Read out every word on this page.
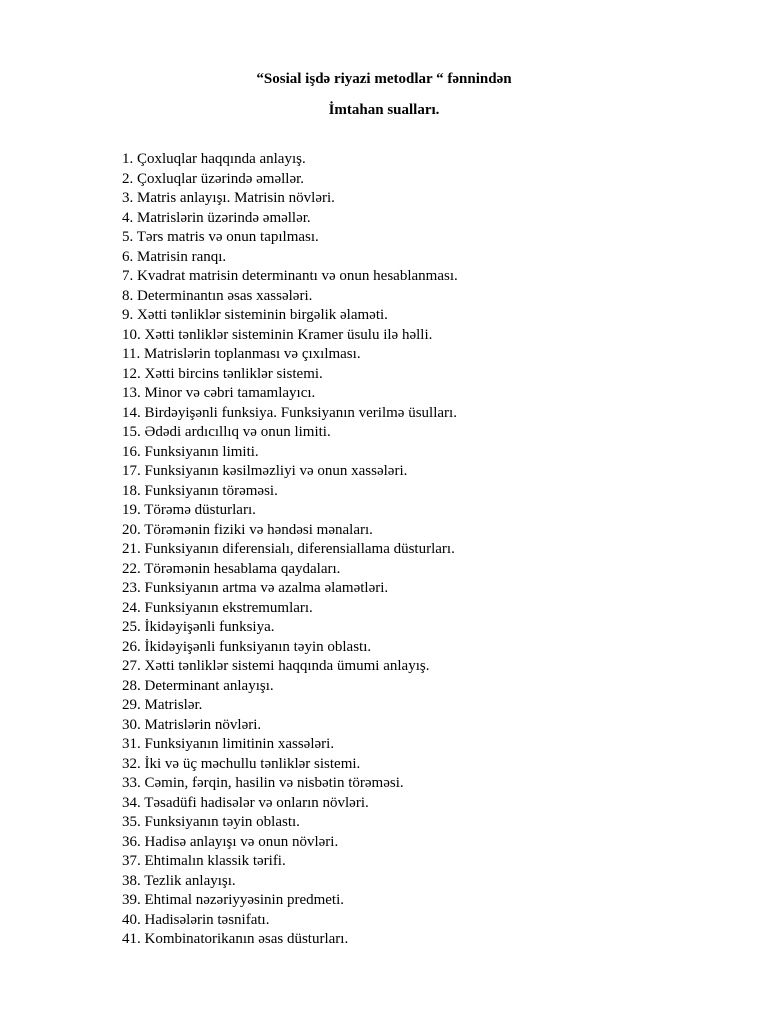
“Sosial işdə riyazi metodlar “ fənnindən
İmtahan sualları.
1. Çoxluqlar haqqında anlayış.
2. Çoxluqlar üzərində əməllər.
3. Matris anlayışı. Matrisin növləri.
4. Matrislərin üzərində əməllər.
5. Tərs matris və onun tapılması.
6. Matrisin ranqı.
7. Kvadrat matrisin determinantı və onun hesablanması.
8. Determinantın əsas xassələri.
9. Xətti tənliklər sisteminin birgəlik əlaməti.
10. Xətti tənliklər sisteminin Kramer üsulu ilə həlli.
11. Matrislərin toplanması və çıxılması.
12. Xətti bircins tənliklər sistemi.
13. Minor və cəbri tamamlayıcı.
14. Birdəyişənli funksiya. Funksiyanın verilmə üsulları.
15. Ədədi ardıcıllıq və onun limiti.
16. Funksiyanın limiti.
17. Funksiyanın kəsilməzliyi və onun xassələri.
18. Funksiyanın törəməsi.
19. Törəmə düsturları.
20. Törəmənin fiziki və həndəsi mənaları.
21. Funksiyanın diferensialı, diferensiallama düsturları.
22. Törəmənin hesablama qaydaları.
23. Funksiyanın artma və azalma əlamətləri.
24. Funksiyanın ekstremumları.
25. İkidəyişənli funksiya.
26. İkidəyişənli funksiyanın təyin oblastı.
27. Xətti tənliklər sistemi haqqında ümumi anlayış.
28. Determinant anlayışı.
29. Matrislər.
30. Matrislərin növləri.
31. Funksiyanın limitinin xassələri.
32. İki və üç məchullu tənliklər sistemi.
33. Cəmin, fərqin, hasilin və nisbətin törəməsi.
34. Təsadüfi hadisələr və onların növləri.
35. Funksiyanın təyin oblastı.
36. Hadisə anlayışı və onun növləri.
37. Ehtimalın klassik tərifi.
38. Tezlik anlayışı.
39. Ehtimal nəzəriyyəsinin predmeti.
40. Hadisələrin təsnifatı.
41. Kombinatorikanın əsas düsturları.
